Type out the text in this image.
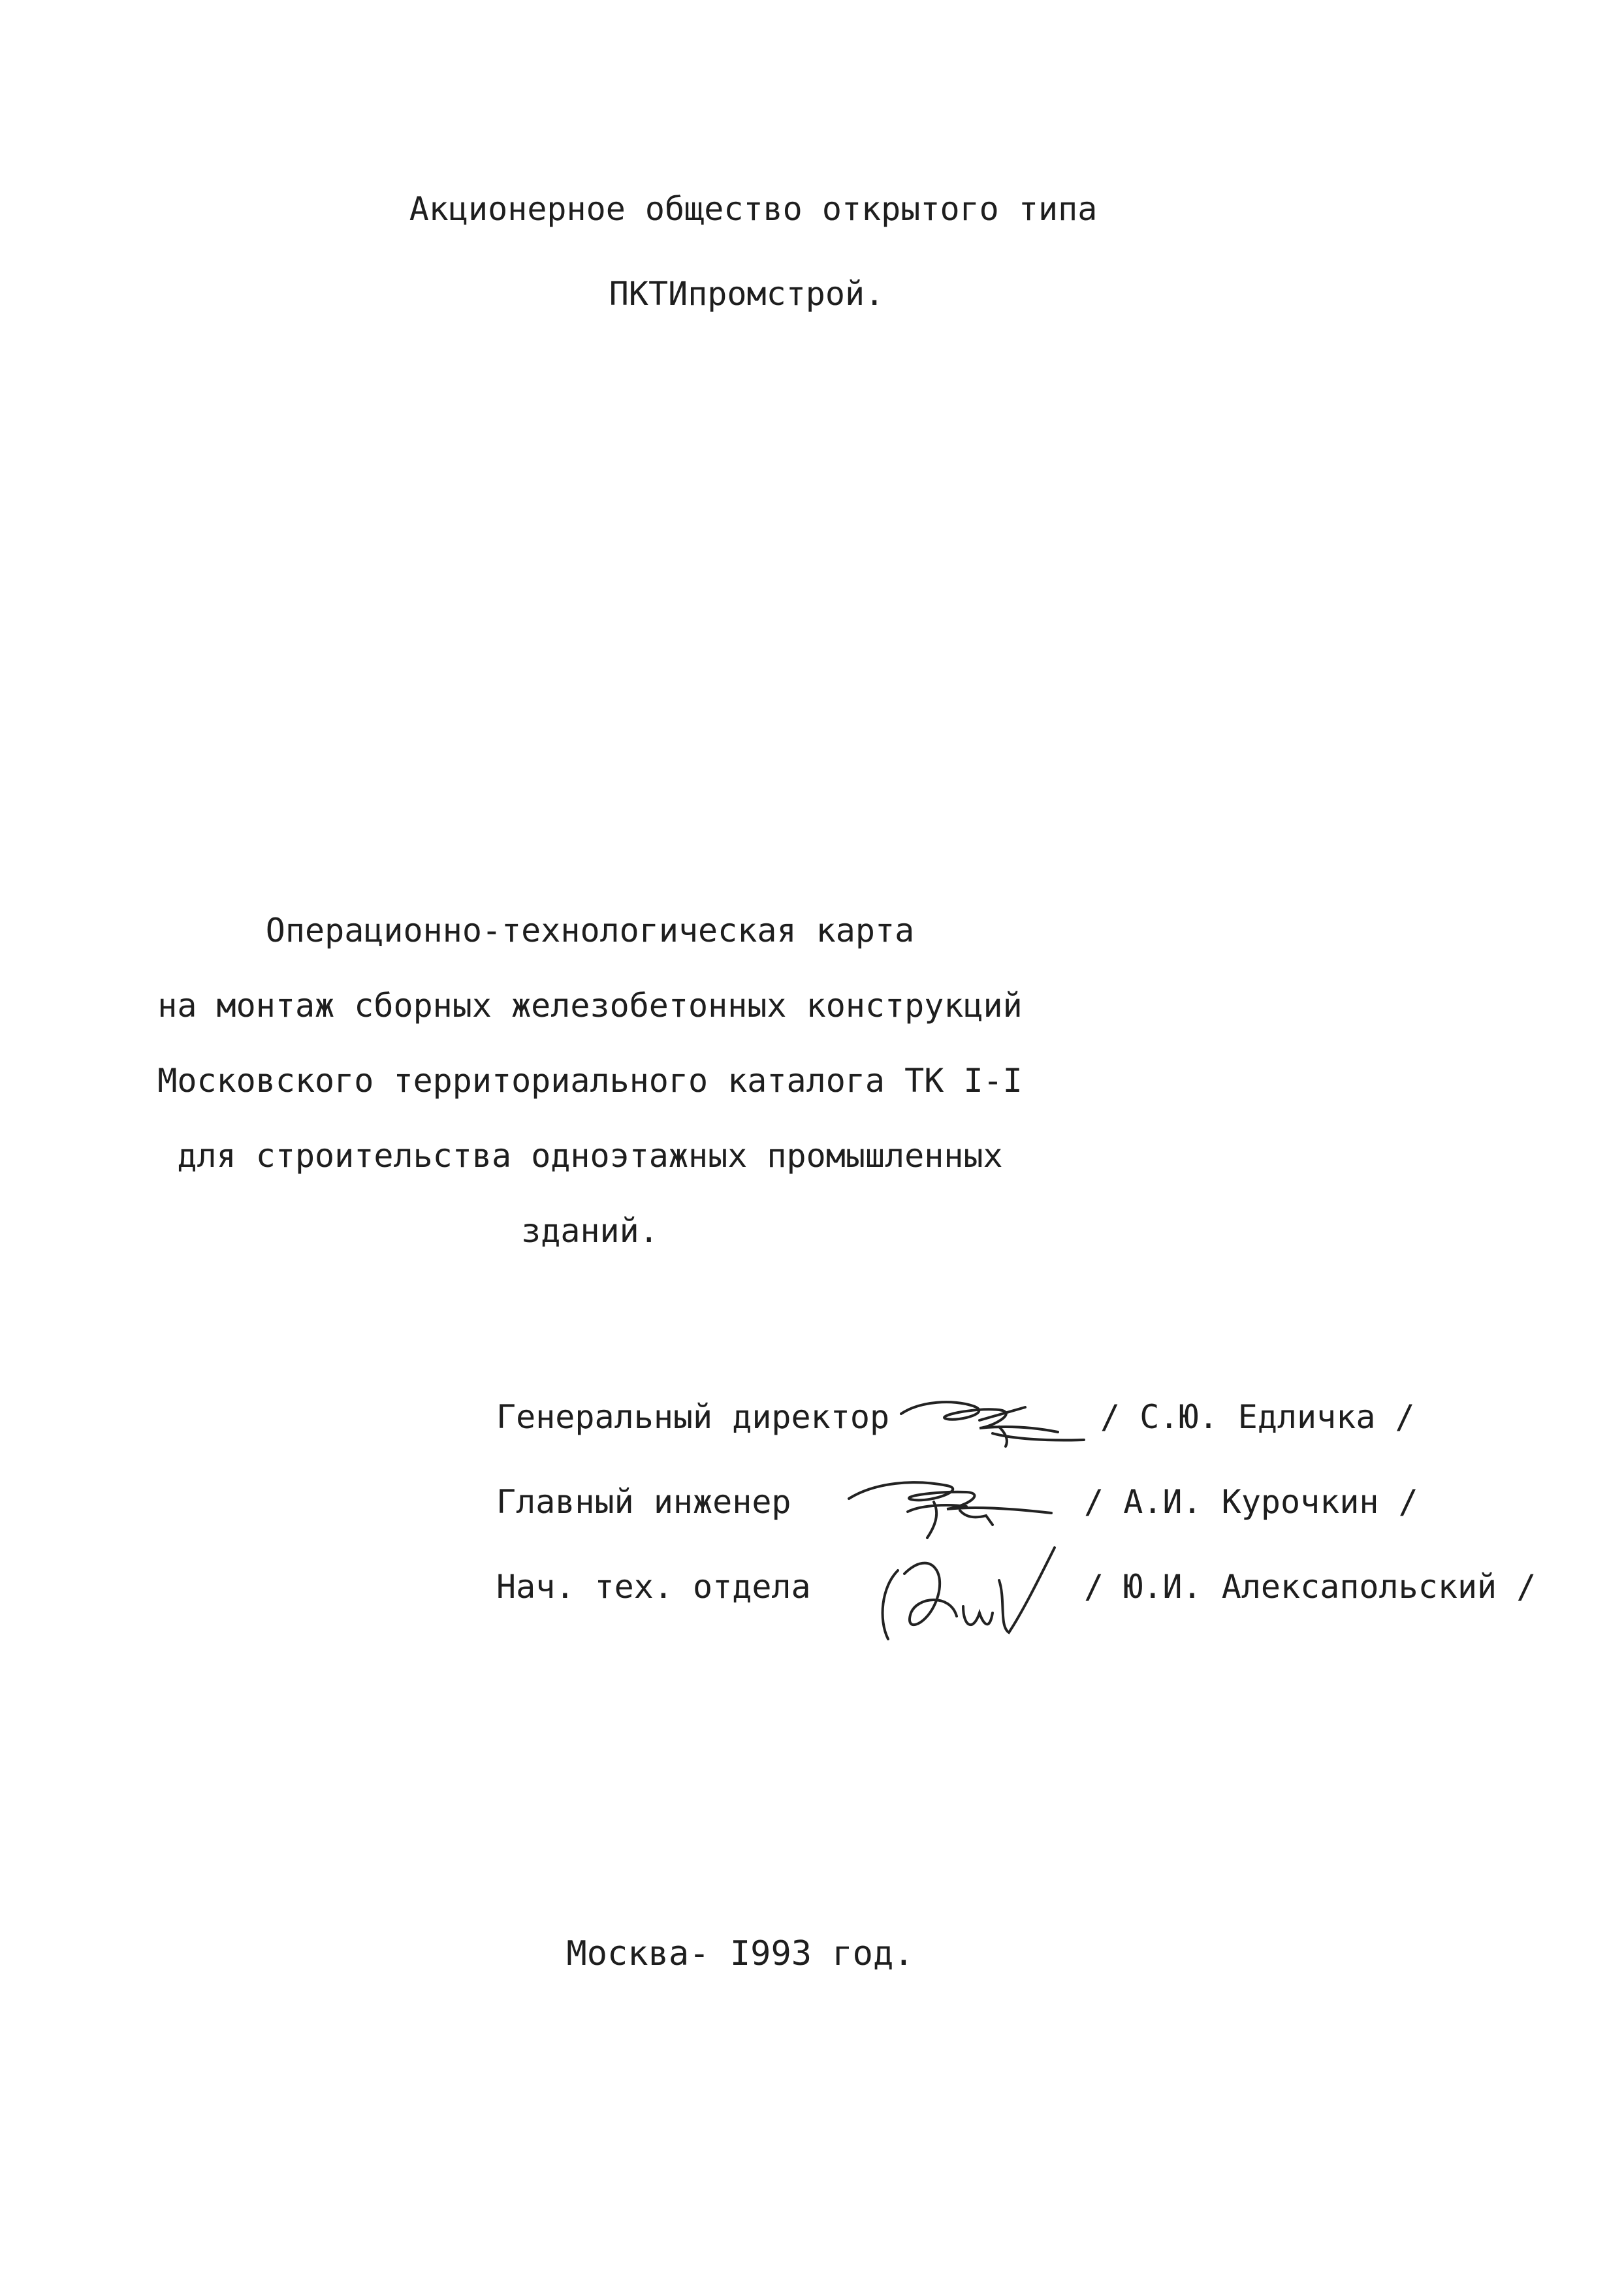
Акционерное общество открытого типа
ПКТИпромстрой.
Операционно-технологическая карта
на монтаж сборных железобетонных конструкций
Московского территориального каталога ТК I-I
для строительства одноэтажных промышленных
зданий.
Генеральный директор	/ С.Ю. Едличка /
Главный инженер	/ А.И. Курочкин /
Нач. тех. отдела	/ Ю.И. Алексапольский /
Москва- I993 год.
